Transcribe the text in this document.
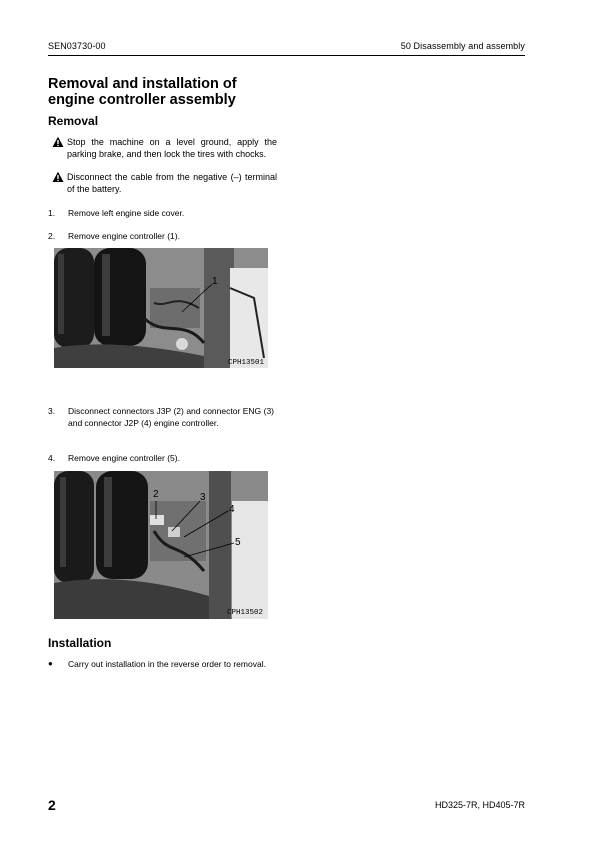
SEN03730-00	50 Disassembly and assembly
Removal and installation of
engine controller assembly
Removal
Stop the machine on a level ground, apply the parking brake, and then lock the tires with chocks.
Disconnect the cable from the negative (–) terminal of the battery.
1. Remove left engine side cover.
2. Remove engine controller (1).
1
CPH13501
3. Disconnect connectors J3P (2) and connector ENG (3) and connector J2P (4) engine controller.
4. Remove engine controller (5).
2	3
4
5
CPH13502
Installation
● Carry out installation in the reverse order to removal.
2	HD325-7R, HD405-7R
